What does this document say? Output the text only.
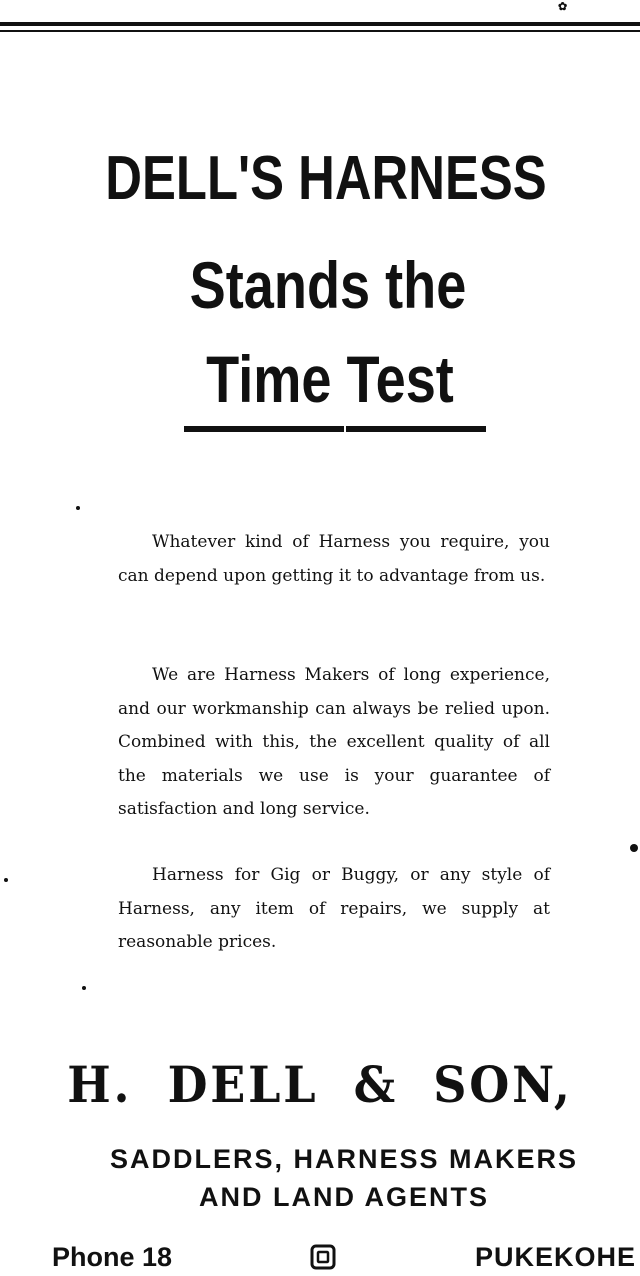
✿
DELL'S HARNESS
Stands the
Time Test

Whatever kind of Harness you require, you can depend upon getting it to advantage from us.

We are Harness Makers of long experience, and our workmanship can always be relied upon. Combined with this, the excellent quality of all the materials we use is your guarantee of satisfaction and long service.

Harness for Gig or Buggy, or any style of Harness, any item of repairs, we supply at reasonable prices.

H. DELL & SON,
SADDLERS, HARNESS MAKERS
AND LAND AGENTS
Phone 18	PUKEKOHE
